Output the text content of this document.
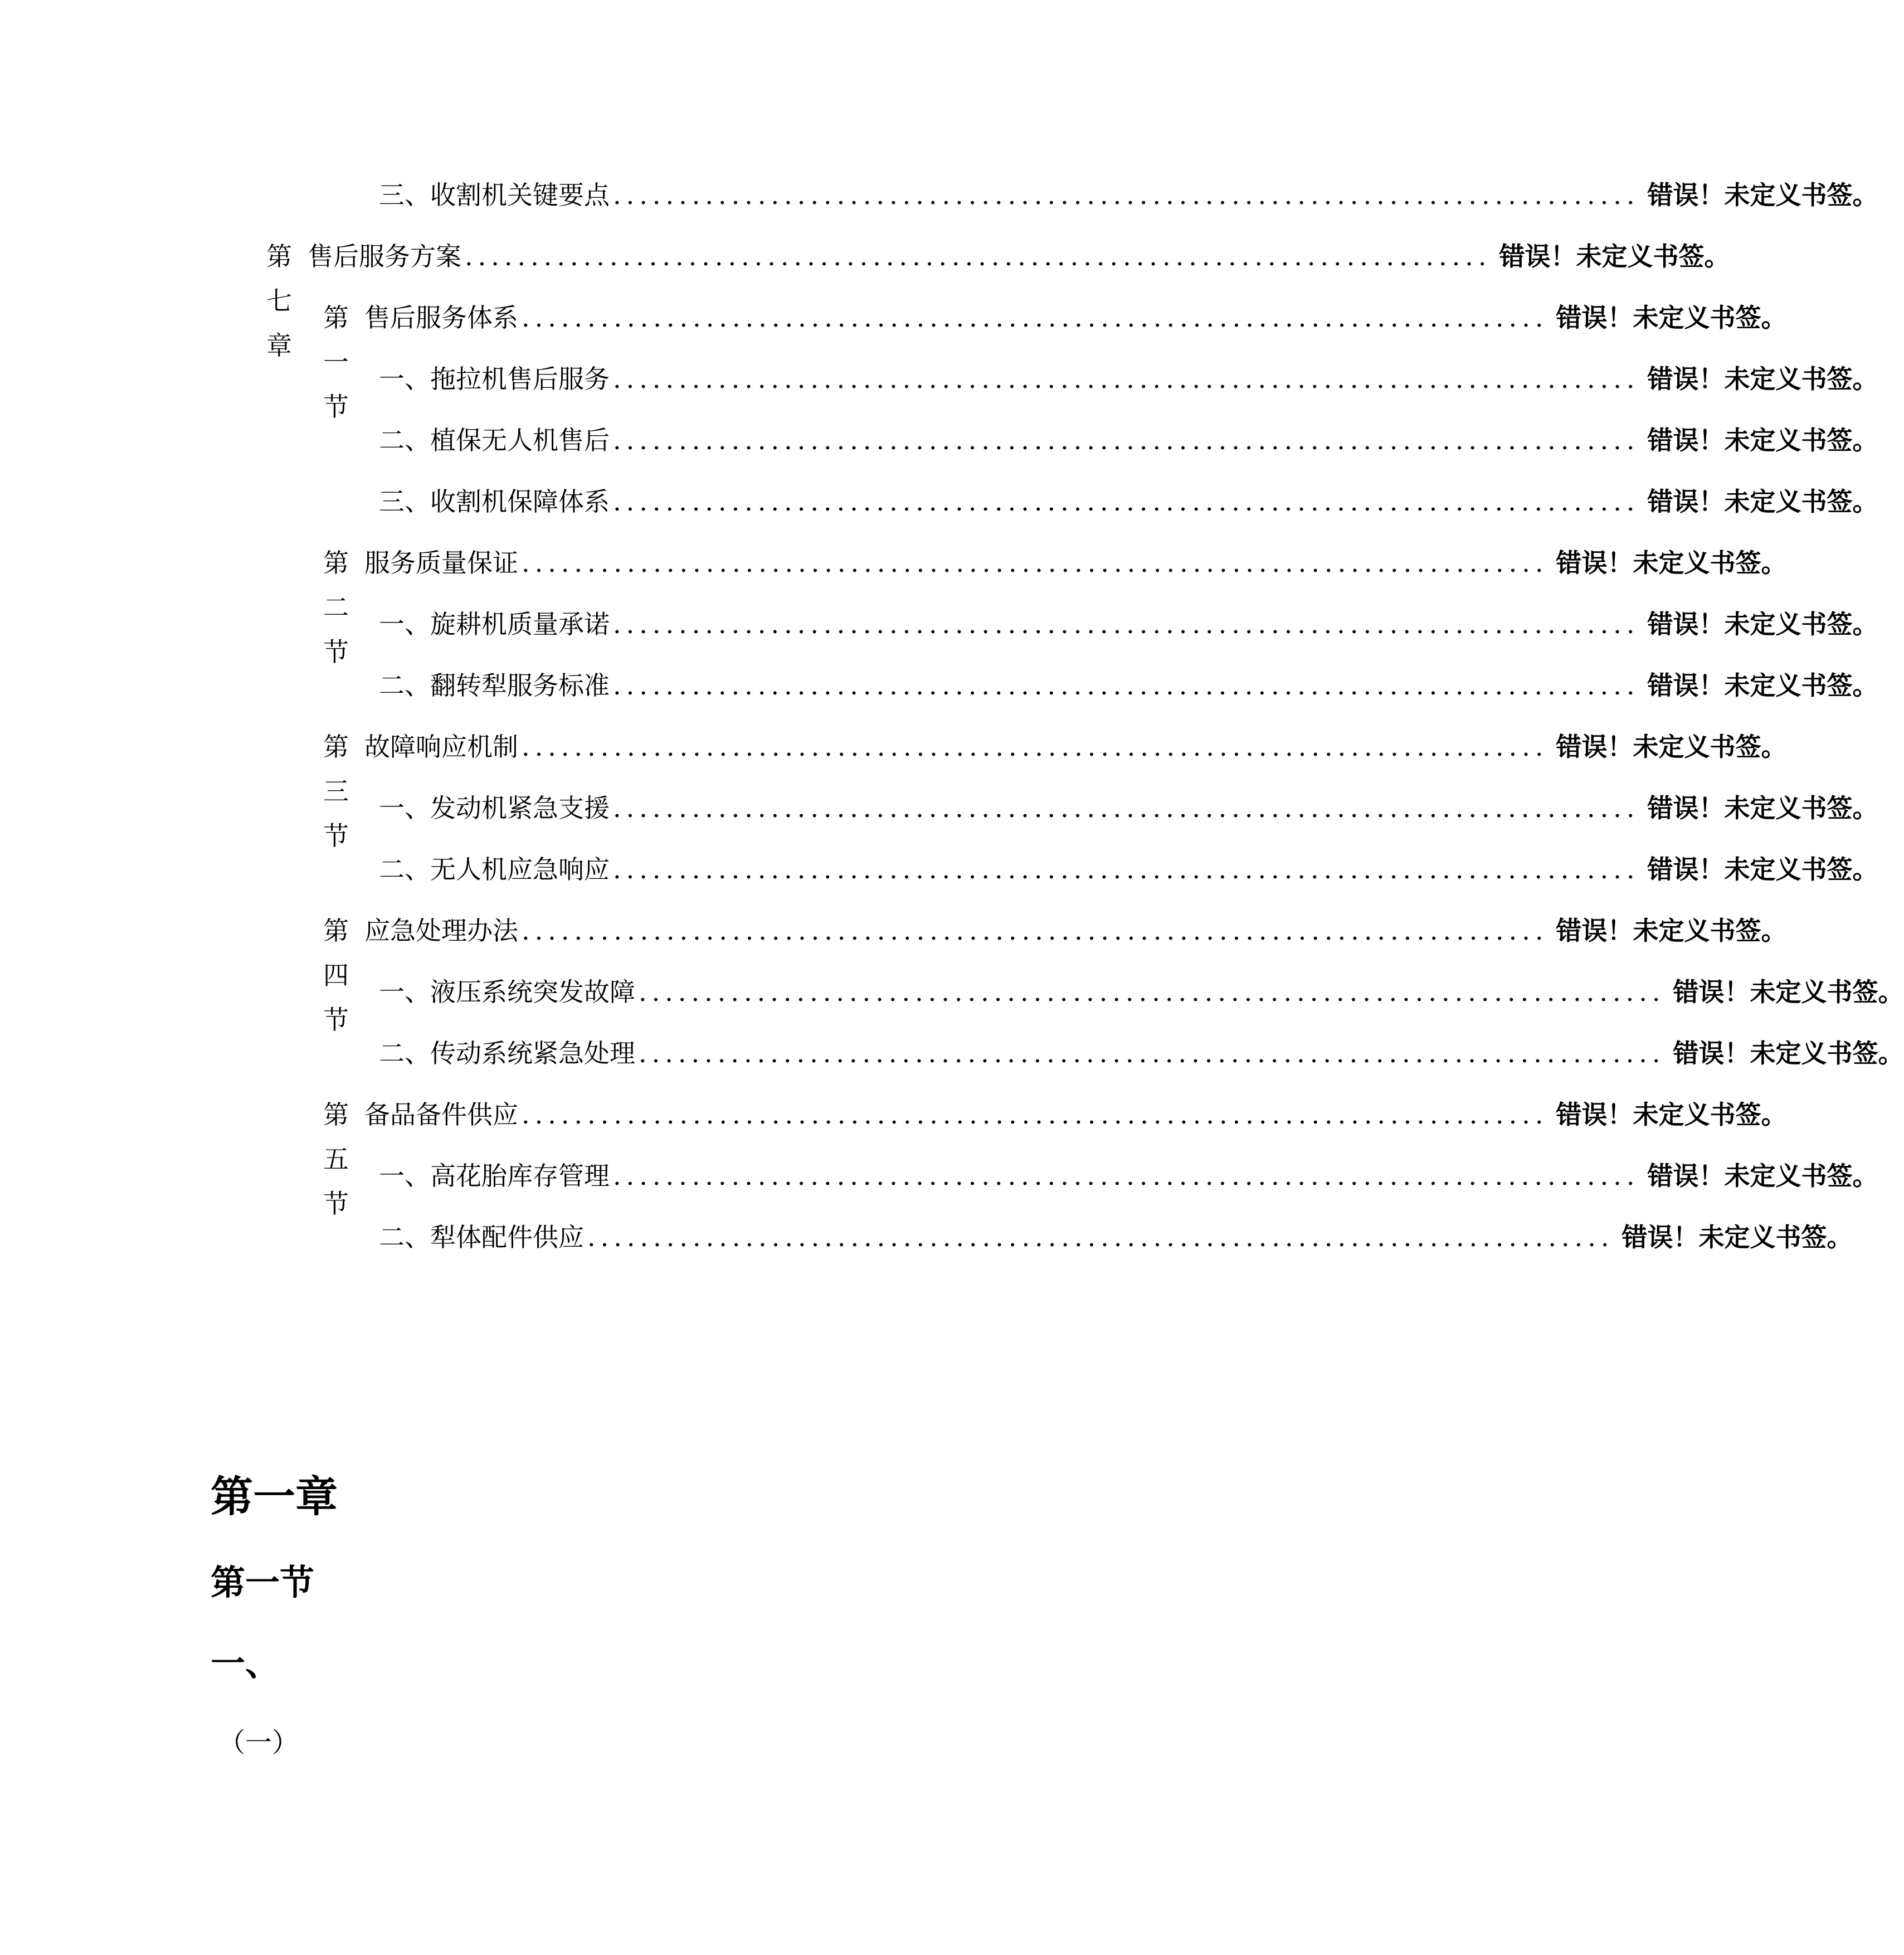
三、 收割机关键要点 .............................................................................. 错误！未定义书签。
第七章
售后服务方案 .............................................................................. 错误！未定义书签。
第一节
售后服务体系 .............................................................................. 错误！未定义书签。
一、 拖拉机售后服务 .............................................................................. 错误！未定义书签。
二、 植保无人机售后 .............................................................................. 错误！未定义书签。
三、 收割机保障体系 .............................................................................. 错误！未定义书签。
第二节
服务质量保证 .............................................................................. 错误！未定义书签。
一、 旋耕机质量承诺 .............................................................................. 错误！未定义书签。
二、 翻转犁服务标准 .............................................................................. 错误！未定义书签。
第三节
故障响应机制 .............................................................................. 错误！未定义书签。
一、 发动机紧急支援 .............................................................................. 错误！未定义书签。
二、 无人机应急响应 .............................................................................. 错误！未定义书签。
第四节
应急处理办法 .............................................................................. 错误！未定义书签。
一、 液压系统突发故障 .............................................................................. 错误！未定义书签。
二、 传动系统紧急处理 .............................................................................. 错误！未定义书签。
第五节
备品备件供应 .............................................................................. 错误！未定义书签。
一、 高花胎库存管理 .............................................................................. 错误！未定义书签。
二、 犁体配件供应 .............................................................................. 错误！未定义书签。
第一章
第一节
一、
（一）
